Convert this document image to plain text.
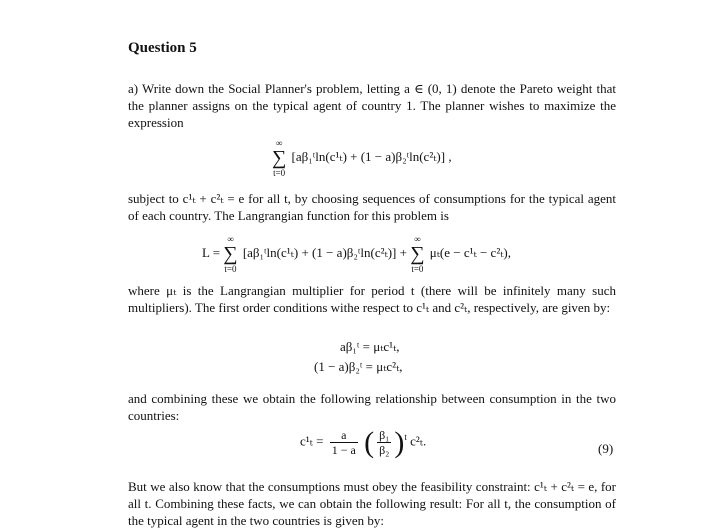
Question 5
a) Write down the Social Planner's problem, letting a ∈ (0, 1) denote the Pareto weight that the planner assigns on the typical agent of country 1. The planner wishes to maximize the expression
∞
∑
t=0
[aβ₁ᵗln(c¹ₜ) + (1 − a)β₂ᵗln(c²ₜ)] ,
subject to c¹ₜ + c²ₜ = e for all t, by choosing sequences of consumptions for the typical agent of each country. The Langrangian function for this problem is
L =
∞
∑
t=0
[aβ₁ᵗln(c¹ₜ) + (1 − a)β₂ᵗln(c²ₜ)] +
∞
∑
t=0
μₜ(e − c¹ₜ − c²ₜ),
where μₜ is the Langrangian multiplier for period t (there will be infinitely many such multipliers). The first order conditions withe respect to c¹ₜ and c²ₜ, respectively, are given by:
aβ₁ᵗ = μₜc¹ₜ,
(1 − a)β₂ᵗ = μₜc²ₜ,
and combining these we obtain the following relationship between consumption in the two countries:
$c^1_t = \frac{a}{1 - a}$ ( $\frac{\text{β₁}}{\text{β₂}} )^t$ c²ₜ.
(9)
But we also know that the consumptions must obey the feasibility constraint: c¹ₜ + c²ₜ = e, for all t. Combining these facts, we can obtain the following result: For all t, the consumption of the typical agent in the two countries is given by:
